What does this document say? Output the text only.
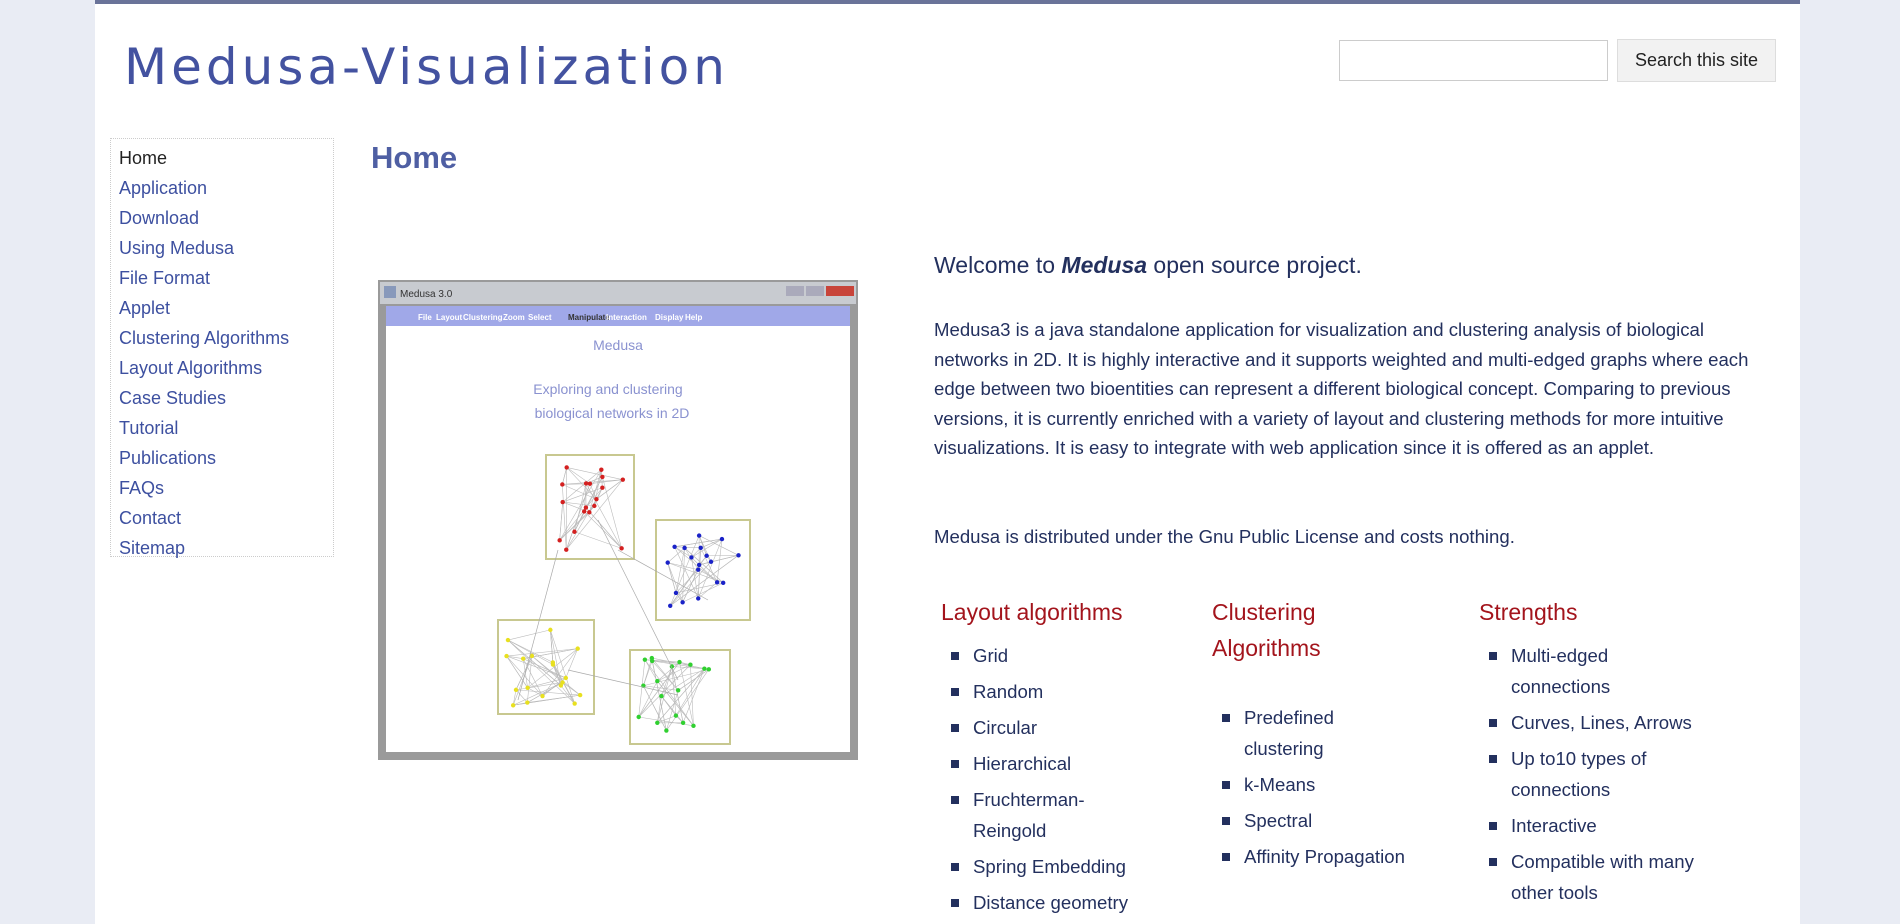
Medusa-Visualization	Search this site
Home
Application
Download
Using Medusa
File Format
Applet
Clustering Algorithms
Layout Algorithms
Case Studies
Tutorial
Publications
FAQs
Contact
Sitemap
Home
Medusa 3.0
File Layout Clustering Zoom Select Manipulate
Interaction Display Help
Medusa
Exploring and clustering
biological networks in 2D
Welcome to Medusa open source project.

Medusa3 is a java standalone application for visualization and clustering analysis of biological networks in 2D. It is highly interactive and it supports weighted and multi-edged graphs where each edge between two bioentities can represent a different biological concept. Comparing to previous versions, it is currently enriched with a variety of layout and clustering methods for more intuitive visualizations. It is easy to integrate with web application since it is offered as an applet.

Medusa is distributed under the Gnu Public License and costs nothing.

Layout algorithms
Grid
Random
Circular
Hierarchical
Fruchterman-Reingold
Spring Embedding
Distance geometry
Clustering Algorithms
Predefined clustering
k-Means
Spectral
Affinity Propagation
Strengths
Multi-edged connections
Curves, Lines, Arrows
Up to10 types of connections
Interactive
Compatible with many other tools
